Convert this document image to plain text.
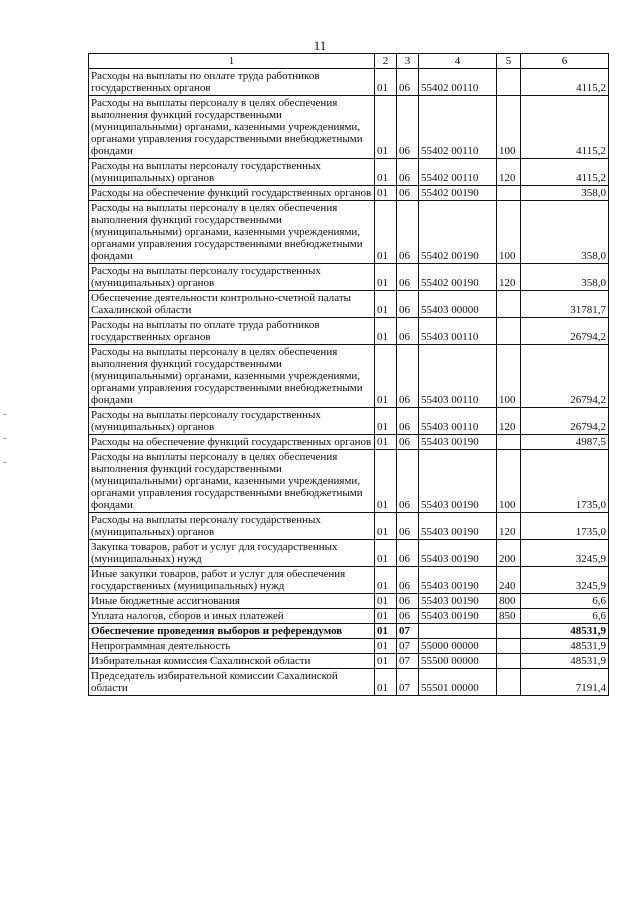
11
1	2	3	4	5	6
Расходы на выплаты по оплате труда работников государственных органов	01	06	55402 00110		4115,2
Расходы на выплаты персоналу в целях обеспечения выполнения функций государственными (муниципальными) органами, казенными учреждениями, органами управления государственными внебюджетными фондами	01	06	55402 00110	100	4115,2
Расходы на выплаты персоналу государственных (муниципальных) органов	01	06	55402 00110	120	4115,2
Расходы на обеспечение функций государственных органов	01	06	55402 00190		358,0
Расходы на выплаты персоналу в целях обеспечения выполнения функций государственными (муниципальными) органами, казенными учреждениями, органами управления государственными внебюджетными фондами	01	06	55402 00190	100	358,0
Расходы на выплаты персоналу государственных (муниципальных) органов	01	06	55402 00190	120	358,0
Обеспечение деятельности контрольно-счетной палаты Сахалинской области	01	06	55403 00000		31781,7
Расходы на выплаты по оплате труда работников государственных органов	01	06	55403 00110		26794,2
Расходы на выплаты персоналу в целях обеспечения выполнения функций государственными (муниципальными) органами, казенными учреждениями, органами управления государственными внебюджетными фондами	01	06	55403 00110	100	26794,2
Расходы на выплаты персоналу государственных (муниципальных) органов	01	06	55403 00110	120	26794,2
Расходы на обеспечение функций государственных органов	01	06	55403 00190		4987,5
Расходы на выплаты персоналу в целях обеспечения выполнения функций государственными (муниципальными) органами, казенными учреждениями, органами управления государственными внебюджетными фондами	01	06	55403 00190	100	1735,0
Расходы на выплаты персоналу государственных (муниципальных) органов	01	06	55403 00190	120	1735,0
Закупка товаров, работ и услуг для государственных (муниципальных) нужд	01	06	55403 00190	200	3245,9
Иные закупки товаров, работ и услуг для обеспечения государственных (муниципальных) нужд	01	06	55403 00190	240	3245,9
Иные бюджетные ассигнования	01	06	55403 00190	800	6,6
Уплата налогов, сборов и иных платежей	01	06	55403 00190	850	6,6
Обеспечение проведения выборов и референдумов	01	07			48531,9
Непрограммная деятельность	01	07	55000 00000		48531,9
Избирательная комиссия Сахалинской области	01	07	55500 00000		48531,9
Председатель избирательной комиссии Сахалинской области	01	07	55501 00000		7191,4
